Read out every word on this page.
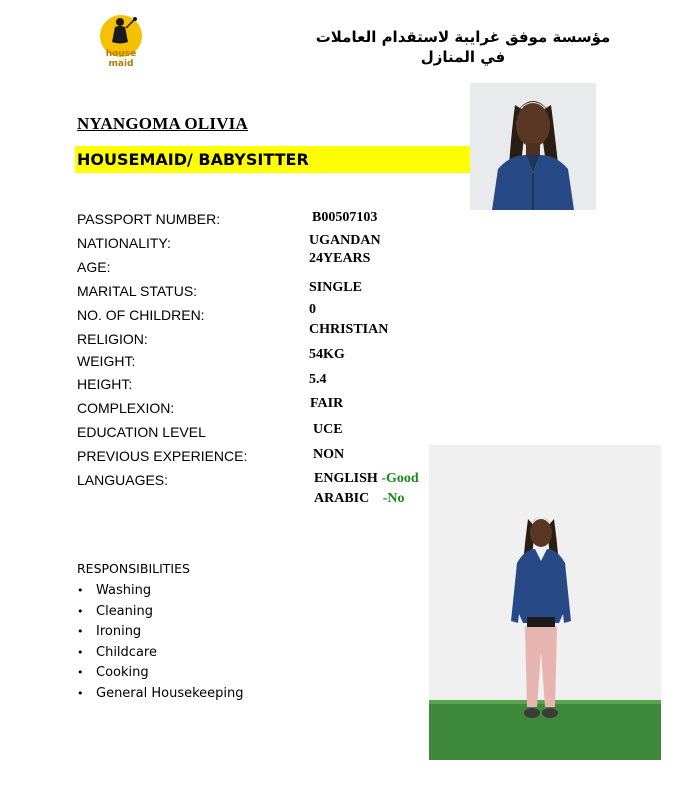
house
maid
مؤسسة موفق غرايبة لاستقدام العاملات في المنازل
NYANGOMA OLIVIA
HOUSEMAID/ BABYSITTER
PASSPORT NUMBER:	B00507103
NATIONALITY:	UGANDAN
AGE:
24YEARS
MARITAL STATUS:	SINGLE
NO. OF CHILDREN:	0
RELIGION:
CHRISTIAN
WEIGHT:	54KG
HEIGHT:	5.4
COMPLEXION:	FAIR
EDUCATION LEVEL	UCE
PREVIOUS EXPERIENCE:	NON
LANGUAGES:	ENGLISH -Good
ARABIC -No
RESPONSIBILITIES
• Washing
• Cleaning
• Ironing
• Childcare
• Cooking
• General Housekeeping
